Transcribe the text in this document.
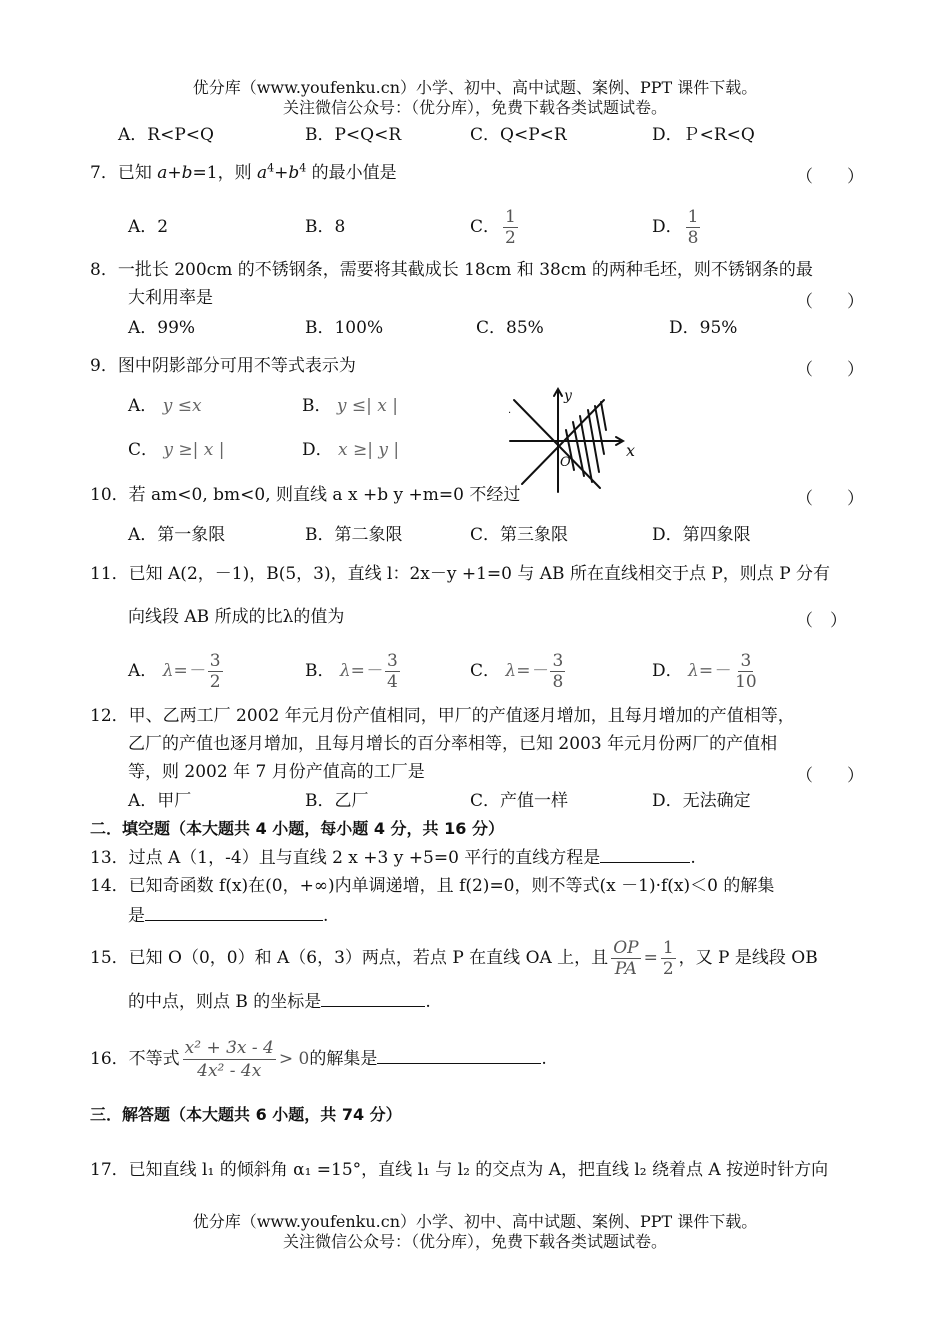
优分库（www.youfenku.cn）小学、初中、高中试题、案例、PPT 课件下载。
关注微信公众号：（优分库），免费下载各类试题试卷。
A．R<P<Q	B．P<Q<R	C．Q<P<R	D．Ｐ<R<Q
7．已知 a+b=1，则 $a^4+b^4$ 的最小值是	（　　）
A．2	B．8	C． $\frac{1}{2}$	D． $\frac{1}{8}$
8．一批长 200cm 的不锈钢条，需要将其截成长 18cm 和 38cm 的两种毛坯，则不锈钢条的最
大利用率是	（　　）
A．99%	B．100%	C．85%	D．95%
9．图中阴影部分可用不等式表示为	（　　）
A． y ≤x	B． y ≤| x |
C． y ≥| x |	D． x ≥| y |
·
y
x
O
10．若 am<0, bm<0, 则直线 a x +b y +m=0 不经过	（　　）
A．第一象限	B．第二象限	C．第三象限	D．第四象限
11．已知 A(2，－1)，B(5，3)，直线 l：2x－y +1=0 与 AB 所在直线相交于点 P，则点 P 分有
向线段 AB 所成的比λ的值为	（　）
A． $\lambda=- \frac{3}{2}$	B． $\lambda=- \frac{3}{4}$	C． $\lambda=- \frac{3}{8}$	D． $\lambda=- \frac{3}{10}$
12．甲、乙两工厂 2002 年元月份产值相同，甲厂的产值逐月增加，且每月增加的产值相等，
乙厂的产值也逐月增加，且每月增长的百分率相等，已知 2003 年元月份两厂的产值相
等，则 2002 年 7 月份产值高的工厂是	（　　）
A．甲厂	B．乙厂	C．产值一样	D．无法确定
二．填空题（本大题共 4 小题，每小题 4 分，共 16 分）
13．过点 A（1，-4）且与直线 2 x +3 y +5=0 平行的直线方程是	.
14．已知奇函数 f(x)在(0，+∞)内单调递增，且 f(2)=0，则不等式(x －1)·f(x)＜0 的解集
是	.
15．已知 O（0，0）和 A（6，3）两点，若点 P 在直线 OA 上，且 $\frac{OP}{PA} = \frac{1}{2}$ ，又 P 是线段 OB
的中点，则点 B 的坐标是	.
16．不等式 $\frac{\text{x² + 3x - 4}}{\text{4x² - 4x}} > 0$的解集是	.
三．解答题（本大题共 6 小题，共 74 分）
17．已知直线 l₁ 的倾斜角 α₁ =15°，直线 l₁ 与 l₂ 的交点为 A，把直线 l₂ 绕着点 A 按逆时针方向
优分库（www.youfenku.cn）小学、初中、高中试题、案例、PPT 课件下载。
关注微信公众号：（优分库），免费下载各类试题试卷。
